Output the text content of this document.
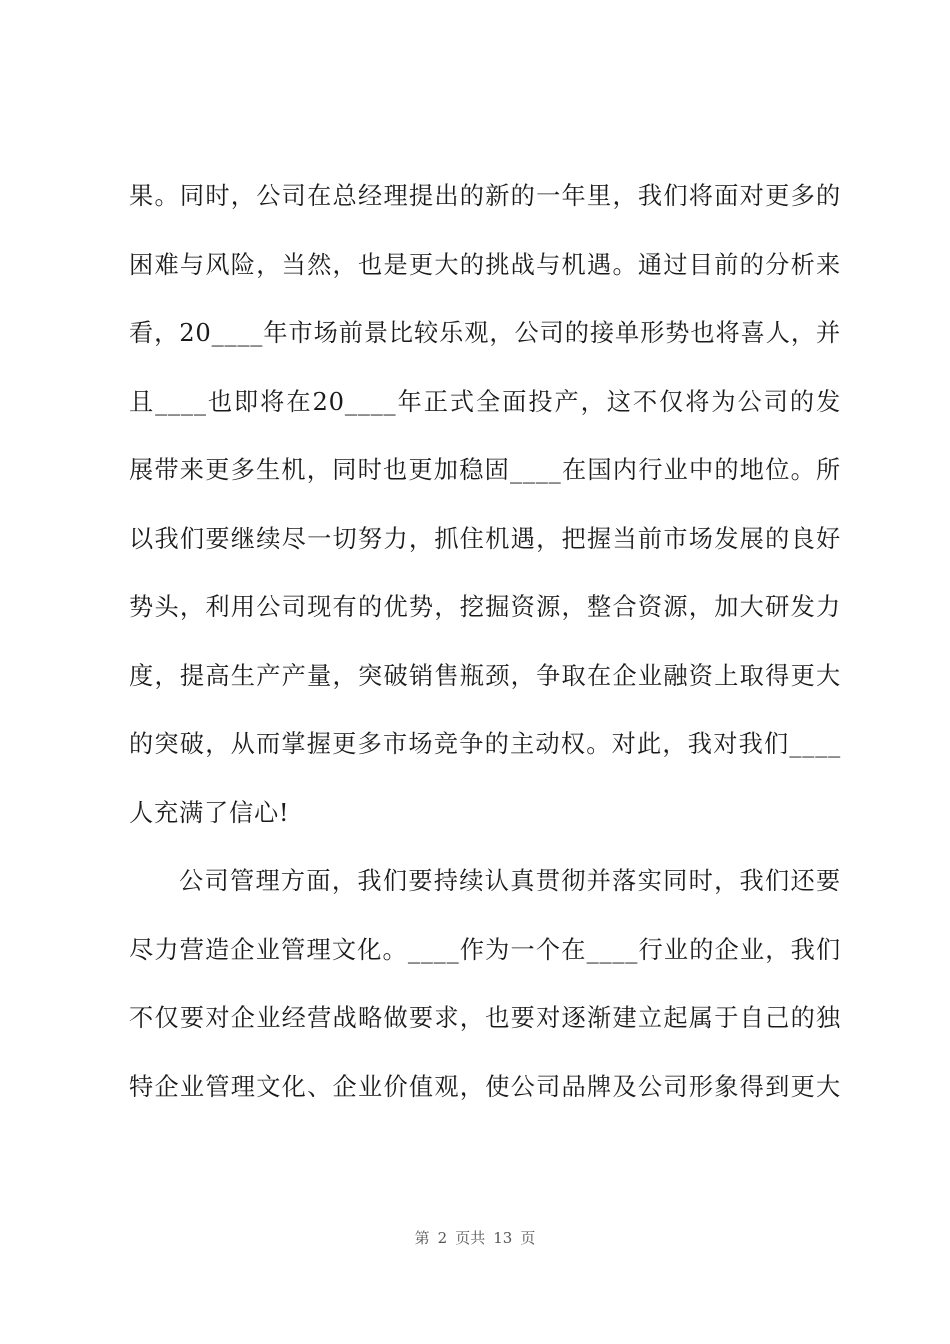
果。同时，公司在总经理提出的新的一年里，我们将面对更多的
困难与风险，当然，也是更大的挑战与机遇。通过目前的分析来
看，20____年市场前景比较乐观，公司的接单形势也将喜人，并
且____也即将在20____年正式全面投产，这不仅将为公司的发
展带来更多生机，同时也更加稳固____在国内行业中的地位。所
以我们要继续尽一切努力，抓住机遇，把握当前市场发展的良好
势头，利用公司现有的优势，挖掘资源，整合资源，加大研发力
度，提高生产产量，突破销售瓶颈，争取在企业融资上取得更大
的突破，从而掌握更多市场竞争的主动权。对此，我对我们____
人充满了信心!
公司管理方面，我们要持续认真贯彻并落实同时，我们还要
尽力营造企业管理文化。____作为一个在____行业的企业，我们
不仅要对企业经营战略做要求，也要对逐渐建立起属于自己的独
特企业管理文化、企业价值观，使公司品牌及公司形象得到更大
第 2 页共 13 页
